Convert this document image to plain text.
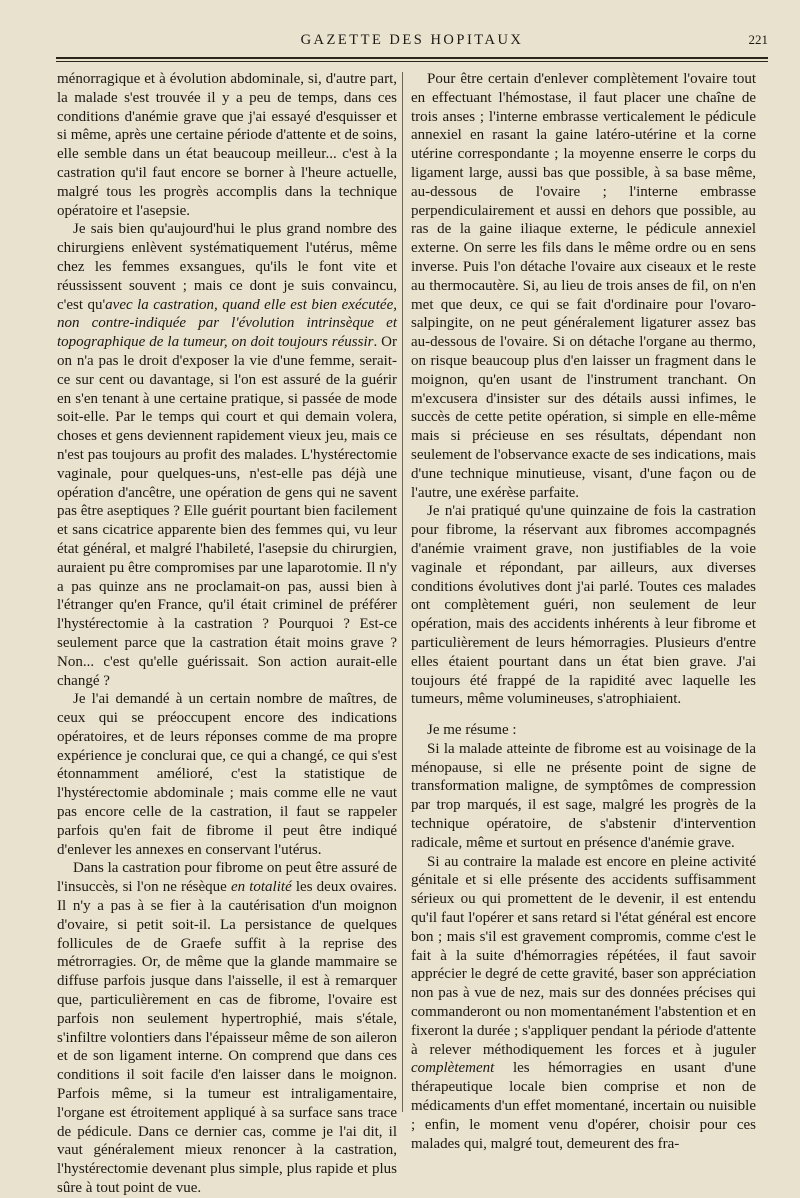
GAZETTE DES HOPITAUX	221

ménorragique et à évolution abdominale, si, d'autre part, la malade s'est trouvée il y a peu de temps, dans ces conditions d'anémie grave que j'ai essayé d'esquisser et si même, après une certaine période d'attente et de soins, elle semble dans un état beaucoup meilleur... c'est à la castration qu'il faut encore se borner à l'heure actuelle, malgré tous les progrès accomplis dans la technique opératoire et l'asepsie.

Je sais bien qu'aujourd'hui le plus grand nombre des chirurgiens enlèvent systématiquement l'utérus, même chez les femmes exsangues, qu'ils le font vite et réussissent souvent ; mais ce dont je suis convaincu, c'est qu'avec la castration, quand elle est bien exécutée, non contre-indiquée par l'évolution intrinsèque et topographique de la tumeur, on doit toujours réussir. Or on n'a pas le droit d'exposer la vie d'une femme, serait-ce sur cent ou davantage, si l'on est assuré de la guérir en s'en tenant à une certaine pratique, si passée de mode soit-elle. Par le temps qui court et qui demain volera, choses et gens deviennent rapidement vieux jeu, mais ce n'est pas toujours au profit des malades. L'hystérectomie vaginale, pour quelques-uns, n'est-elle pas déjà une opération d'ancêtre, une opération de gens qui ne savent pas être aseptiques ? Elle guérit pourtant bien facilement et sans cicatrice apparente bien des femmes qui, vu leur état général, et malgré l'habileté, l'asepsie du chirurgien, auraient pu être compromises par une laparotomie. Il n'y a pas quinze ans ne proclamait-on pas, aussi bien à l'étranger qu'en France, qu'il était criminel de préférer l'hystérectomie à la castration ? Pourquoi ? Est-ce seulement parce que la castration était moins grave ? Non... c'est qu'elle guérissait. Son action aurait-elle changé ?

Je l'ai demandé à un certain nombre de maîtres, de ceux qui se préoccupent encore des indications opératoires, et de leurs réponses comme de ma propre expérience je conclurai que, ce qui a changé, ce qui s'est étonnamment amélioré, c'est la statistique de l'hystérectomie abdominale ; mais comme elle ne vaut pas encore celle de la castration, il faut se rappeler parfois qu'en fait de fibrome il peut être indiqué d'enlever les annexes en conservant l'utérus.

Dans la castration pour fibrome on peut être assuré de l'insuccès, si l'on ne résèque en totalité les deux ovaires. Il n'y a pas à se fier à la cautérisation d'un moignon d'ovaire, si petit soit-il. La persistance de quelques follicules de de Graefe suffit à la reprise des métrorragies. Or, de même que la glande mammaire se diffuse parfois jusque dans l'aisselle, il est à remarquer que, particulièrement en cas de fibrome, l'ovaire est parfois non seulement hypertrophié, mais s'étale, s'infiltre volontiers dans l'épaisseur même de son aileron et de son ligament interne. On comprend que dans ces conditions il soit facile d'en laisser dans le moignon. Parfois même, si la tumeur est intraligamentaire, l'organe est étroitement appliqué à sa surface sans trace de pédicule. Dans ce dernier cas, comme je l'ai dit, il vaut généralement mieux renoncer à la castration, l'hystérectomie devenant plus simple, plus rapide et plus sûre à tout point de vue.

Pour être certain d'enlever complètement l'ovaire tout en effectuant l'hémostase, il faut placer une chaîne de trois anses ; l'interne embrasse verticalement le pédicule annexiel en rasant la gaine latéro-utérine et la corne utérine correspondante ; la moyenne enserre le corps du ligament large, aussi bas que possible, à sa base même, au-dessous de l'ovaire ; l'interne embrasse perpendiculairement et aussi en dehors que possible, au ras de la gaine iliaque externe, le pédicule annexiel externe. On serre les fils dans le même ordre ou en sens inverse. Puis l'on détache l'ovaire aux ciseaux et le reste au thermocautère. Si, au lieu de trois anses de fil, on n'en met que deux, ce qui se fait d'ordinaire pour l'ovaro-salpingite, on ne peut généralement ligaturer assez bas au-dessous de l'ovaire. Si on détache l'organe au thermo, on risque beaucoup plus d'en laisser un fragment dans le moignon, qu'en usant de l'instrument tranchant. On m'excusera d'insister sur des détails aussi infimes, le succès de cette petite opération, si simple en elle-même mais si précieuse en ses résultats, dépendant non seulement de l'observance exacte de ses indications, mais d'une technique minutieuse, visant, d'une façon ou de l'autre, une exérèse parfaite.

Je n'ai pratiqué qu'une quinzaine de fois la castration pour fibrome, la réservant aux fibromes accompagnés d'anémie vraiment grave, non justifiables de la voie vaginale et répondant, par ailleurs, aux diverses conditions évolutives dont j'ai parlé. Toutes ces malades ont complètement guéri, non seulement de leur opération, mais des accidents inhérents à leur fibrome et particulièrement de leurs hémorragies. Plusieurs d'entre elles étaient pourtant dans un état bien grave. J'ai toujours été frappé de la rapidité avec laquelle les tumeurs, même volumineuses, s'atrophiaient.

Je me résume :

Si la malade atteinte de fibrome est au voisinage de la ménopause, si elle ne présente point de signe de transformation maligne, de symptômes de compression par trop marqués, il est sage, malgré les progrès de la technique opératoire, de s'abstenir d'intervention radicale, même et surtout en présence d'anémie grave.

Si au contraire la malade est encore en pleine activité génitale et si elle présente des accidents suffisamment sérieux ou qui promettent de le devenir, il est entendu qu'il faut l'opérer et sans retard si l'état général est encore bon ; mais s'il est gravement compromis, comme c'est le fait à la suite d'hémorragies répétées, il faut savoir apprécier le degré de cette gravité, baser son appréciation non pas à vue de nez, mais sur des données précises qui commanderont ou non momentanément l'abstention et en fixeront la durée ; s'appliquer pendant la période d'attente à relever méthodiquement les forces et à juguler complètement les hémorragies en usant d'une thérapeutique locale bien comprise et non de médicaments d'un effet momentané, incertain ou nuisible ; enfin, le moment venu d'opérer, choisir pour ces malades qui, malgré tout, demeurent des fra-
